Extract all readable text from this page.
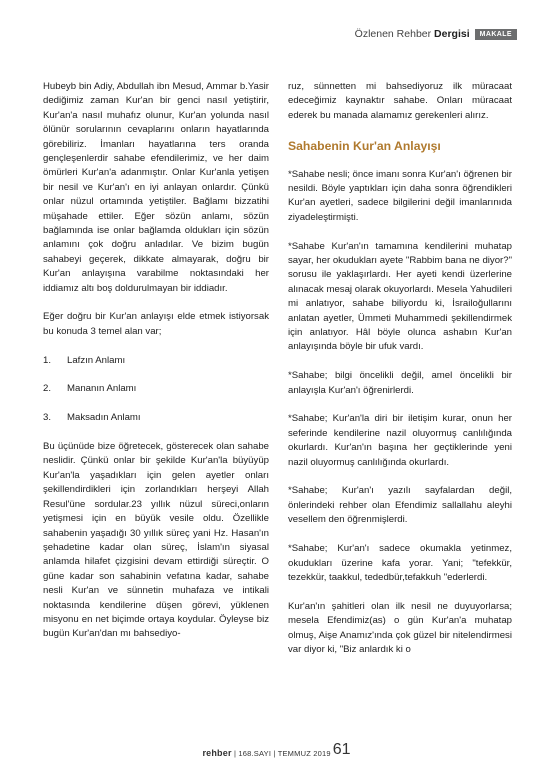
Özlenen Rehber Dergisi	MAKALE

Hubeyb bin Adiy, Abdullah ibn Mesud, Ammar b.Yasir dediğimiz zaman Kur'an bir genci nasıl yetiştirir, Kur'an'a nasıl muhafız olunur, Kur'an yolunda nasıl ölünür sorularının cevaplarını onların hayatlarında görebiliriz. İmanları hayatlarına ters oranda gençleşenlerdir sahabe efendilerimiz, ve her daim ömürleri Kur'an'a adanmıştır. Onlar Kur'anla yetişen bir nesil ve Kur'an'ı en iyi anlayan onlardır. Çünkü onlar nüzul ortamında yetiştiler. Bağlamı bizzatihi müşahade ettiler. Eğer sözün anlamı, sözün bağlamında ise onlar bağlamda oldukları için sözün anlamını çok doğru anladılar. Ve bizim bugün sahabeyi geçerek, dikkate almayarak, doğru bir Kur'an anlayışına varabilme noktasındaki her iddiamız altı boş doldurulmayan bir iddiadır.

Eğer doğru bir Kur'an anlayışı elde etmek istiyorsak bu konuda 3 temel alan var;

1.	Lafzın Anlamı
2.	Mananın Anlamı
3.	Maksadın Anlamı

Bu üçünüde bize öğretecek, gösterecek olan sahabe neslidir. Çünkü onlar bir şekilde Kur'an'la büyüyüp Kur'an'la yaşadıkları için gelen ayetler onları şekillendirdikleri için zorlandıkları herşeyi Allah Resul'üne sordular.23 yıllık nüzul süreci,onların yetişmesi için en büyük vesile oldu. Özellikle sahabenin yaşadığı 30 yıllık süreç yani Hz. Hasan'ın şehadetine kadar olan süreç, İslam'ın siyasal anlamda hilafet çizgisini devam ettirdiği süreçtir. O güne kadar son sahabinin vefatına kadar, sahabe nesli Kur'an ve sünnetin muhafaza ve intikali noktasında kendilerine düşen görevi, yüklenen misyonu en net biçimde ortaya koydular. Öyleyse biz bugün Kur'an'dan mı bahsediyo-

ruz, sünnetten mi bahsediyoruz ilk müracaat edeceğimiz kaynaktır sahabe. Onları müracaat ederek bu manada alamamız gerekenleri alırız.

Sahabenin Kur'an Anlayışı

*Sahabe nesli; önce imanı sonra Kur'an'ı öğrenen bir nesildi. Böyle yaptıkları için daha sonra öğrendikleri Kur'an ayetleri, sadece bilgilerini değil imanlarınıda ziyadeleştirmişti.

*Sahabe Kur'an'ın tamamına kendilerini muhatap sayar, her okudukları ayete "Rabbim bana ne diyor?" sorusu ile yaklaşırlardı. Her ayeti kendi üzerlerine alınacak mesaj olarak okuyorlardı. Mesela Yahudileri mi anlatıyor, sahabe biliyordu ki, İsrailoğullarını anlatan ayetler, Ümmeti Muhammedi şekillendirmek için anlatıyor. Hâl böyle olunca ashabın Kur'an anlayışında böyle bir ufuk vardı.

*Sahabe; bilgi öncelikli değil, amel öncelikli bir anlayışla Kur'an'ı öğrenirlerdi.

*Sahabe; Kur'an'la diri bir iletişim kurar, onun her seferinde kendilerine nazil oluyormuş canlılığında okurlardı. Kur'an'ın başına her geçtiklerinde yeni nazil oluyormuş canlılığında okurlardı.

*Sahabe; Kur'an'ı yazılı sayfalardan değil, önlerindeki rehber olan Efendimiz sallallahu aleyhi vesellem den öğrenmişlerdi.

*Sahabe; Kur'an'ı sadece okumakla yetinmez, okudukları üzerine kafa yorar. Yani; "tefekkür, tezekkür, taakkul, tededbür,tefakkuh "ederlerdi.

Kur'an'ın şahitleri olan ilk nesil ne duyuyorlarsa; mesela Efendimiz(as) o gün Kur'an'a muhatap olmuş, Aişe Anamız'ında çok güzel bir nitelendirmesi var diyor ki, "Biz anlardık ki o

rehber | 168.SAYI | TEMMUZ 2019 61
